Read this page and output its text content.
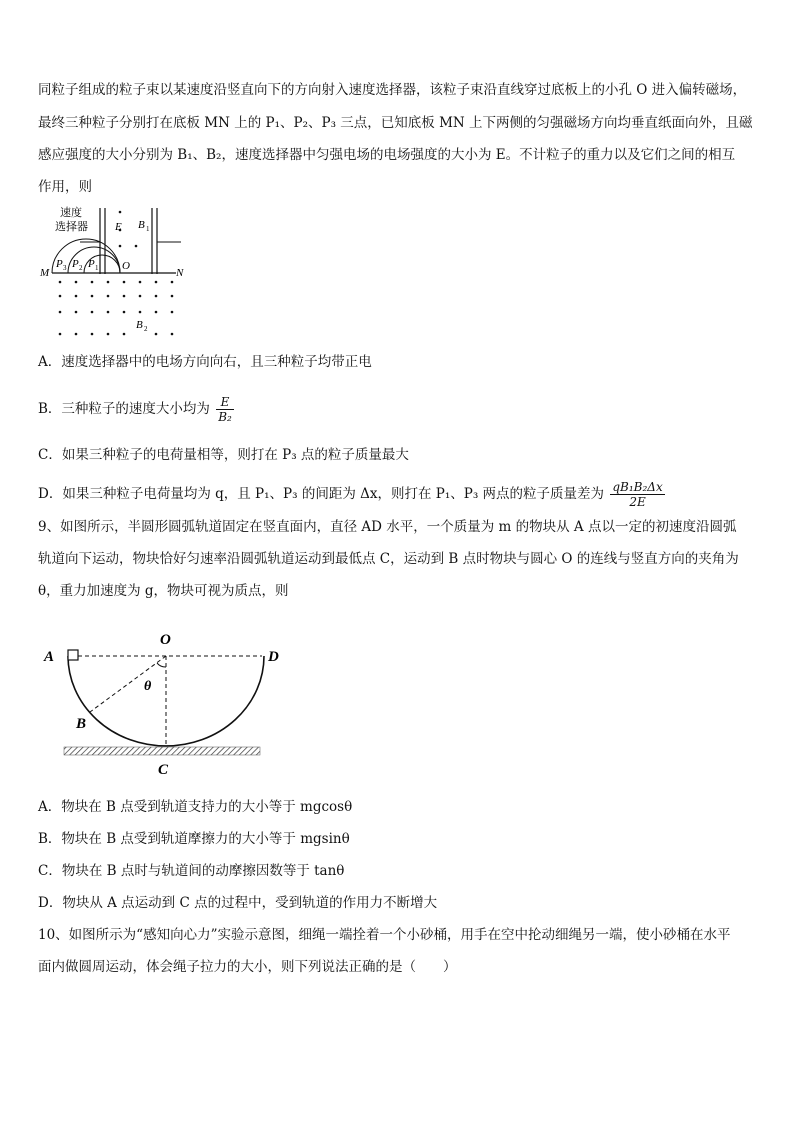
同粒子组成的粒子束以某速度沿竖直向下的方向射入速度选择器，该粒子束沿直线穿过底板上的小孔 O 进入偏转磁场，
最终三种粒子分别打在底板 MN 上的 P₁、P₂、P₃ 三点，已知底板 MN 上下两侧的匀强磁场方向均垂直纸面向外，且磁
感应强度的大小分别为 B₁、B₂，速度选择器中匀强电场的电场强度的大小为 E。不计粒子的重力以及它们之间的相互
作用，则
速度
选择器 E B 1
M	N
O
P 3 P 2 P 1
B 2
A．速度选择器中的电场方向向右，且三种粒子均带正电
B．三种粒子的速度大小均为 $\frac{E}{\text{B₂}}$
C．如果三种粒子的电荷量相等，则打在 P₃ 点的粒子质量最大
D．如果三种粒子电荷量均为 q，且 P₁、P₃ 的间距为 Δx，则打在 P₁、P₃ 两点的粒子质量差为 $\frac{\text{qB₁B₂Δx}}{2E}$
9、如图所示，半圆形圆弧轨道固定在竖直面内，直径 AD 水平，一个质量为 m 的物块从 A 点以一定的初速度沿圆弧
轨道向下运动，物块恰好匀速率沿圆弧轨道运动到最低点 C，运动到 B 点时物块与圆心 O 的连线与竖直方向的夹角为
θ，重力加速度为 g，物块可视为质点，则
A
O
D
θ
B
C
A．物块在 B 点受到轨道支持力的大小等于 mgcosθ
B．物块在 B 点受到轨道摩擦力的大小等于 mgsinθ
C．物块在 B 点时与轨道间的动摩擦因数等于 tanθ
D．物块从 A 点运动到 C 点的过程中，受到轨道的作用力不断增大
10、如图所示为“感知向心力”实验示意图，细绳一端拴着一个小砂桶，用手在空中抡动细绳另一端，使小砂桶在水平
面内做圆周运动，体会绳子拉力的大小，则下列说法正确的是（　　）
